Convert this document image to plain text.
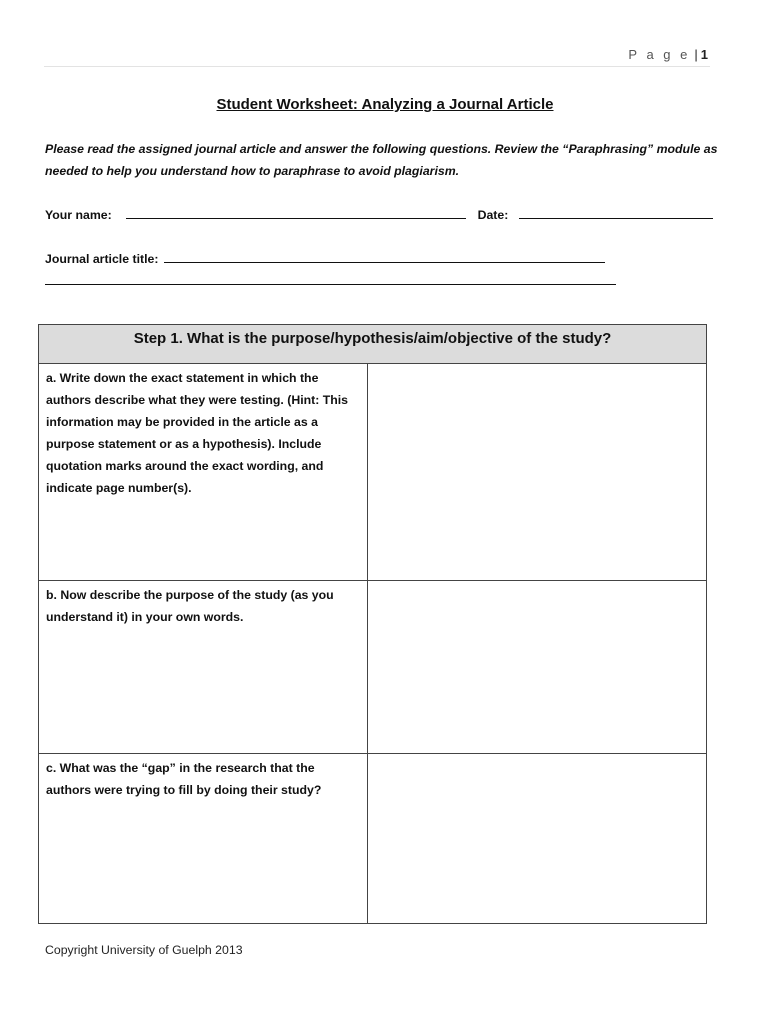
P a g e | 1
Student Worksheet: Analyzing a Journal Article
Please read the assigned journal article and answer the following questions. Review the “Paraphrasing” module as needed to help you understand how to paraphrase to avoid plagiarism.
Your name:	Date:
Journal article title:
Step 1. What is the purpose/hypothesis/aim/objective of the study?
a. Write down the exact statement in which the authors describe what they were testing. (Hint: This information may be provided in the article as a purpose statement or as a hypothesis). Include quotation marks around the exact wording, and indicate page number(s).
b. Now describe the purpose of the study (as you understand it) in your own words.
c. What was the “gap” in the research that the authors were trying to fill by doing their study?
Copyright University of Guelph 2013
